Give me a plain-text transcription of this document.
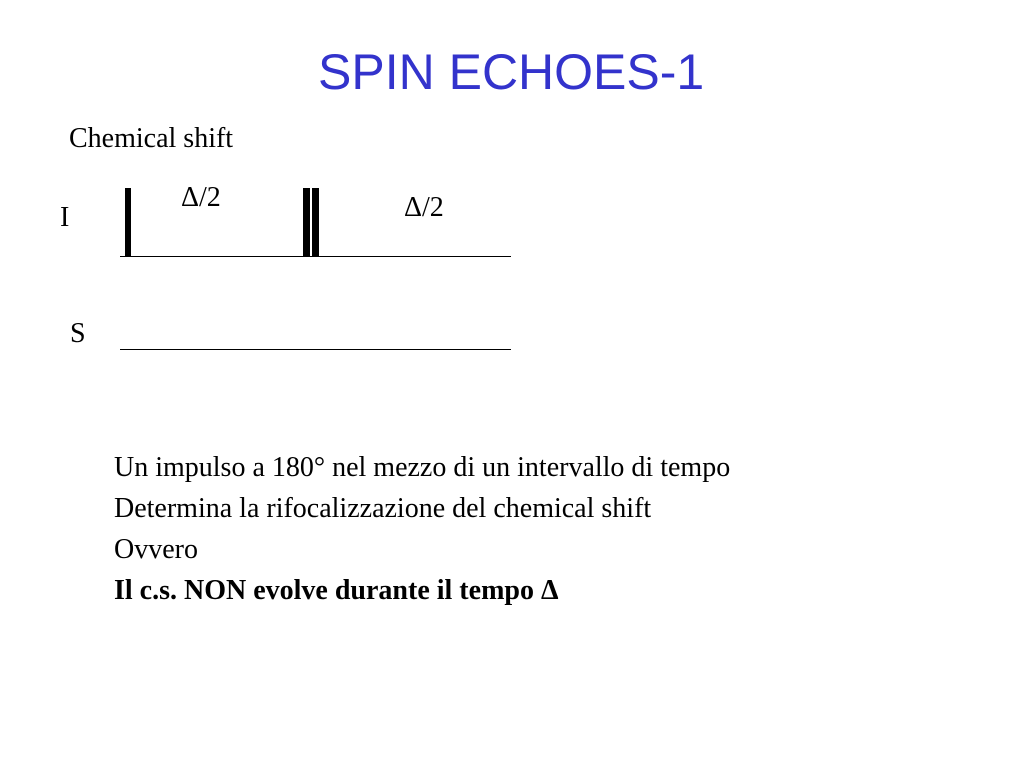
SPIN ECHOES-1
Chemical shift
I
S
Δ/2	Δ/2
Un impulso a 180° nel mezzo di un intervallo di tempo
Determina la rifocalizzazione del chemical shift
Ovvero
Il c.s. NON evolve durante il tempo Δ
